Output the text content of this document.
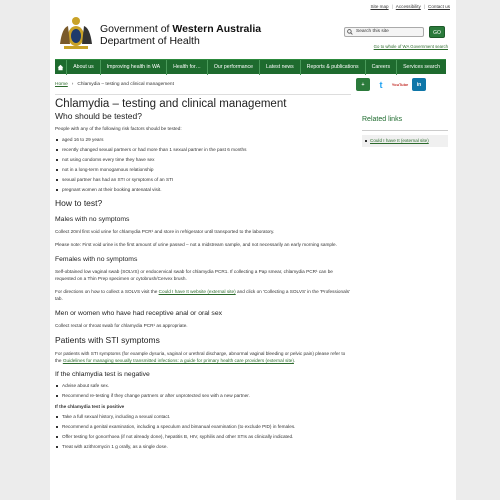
Site map | Accessibility | Contact us
Government of Western Australia
Department of Health
Search this site	GO
Go to whole of WA Government search
About us	Improving health in WA	Health for…	Our performance	Latest news	Reports & publications	Careers	Services search
Home › Chlamydia – testing and clinical management	+	t	YouTube	in
Chlamydia – testing and clinical management
Who should be tested?

People with any of the following risk factors should be tested:

aged 16 to 29 years
recently changed sexual partners or had more than 1 sexual partner in the past 6 months
not using condoms every time they have sex
not in a long-term monogamous relationship
sexual partner has had an STI or symptoms of an STI
pregnant women at their booking antenatal visit.
How to test?
Males with no symptoms

Collect 20ml first void urine for chlamydia PCR¹ and store in refrigerator until transported to the laboratory.

Please note: First void urine is the first amount of urine passed – not a midstream sample, and not necessarily an early morning sample.

Females with no symptoms

Self-obtained low vaginal swab (SOLVS) or endocervical swab for chlamydia PCR1. If collecting a Pap smear, chlamydia PCR¹ can be requested on a Thin Prep specimen or cytobrush/Cervex brush.

For directions on how to collect a SOLVS visit the Could I have It website (external site) and click on 'Collecting a SOLVS' in the 'Professionals' tab.

Men or women who have had receptive anal or oral sex

Collect rectal or throat swab for chlamydia PCR¹ as appropriate.

Patients with STI symptoms

For patients with STI symptoms (for example dysuria, vaginal or urethral discharge, abnormal vaginal bleeding or pelvic pain) please refer to the Guidelines for managing sexually transmitted infections: a guide for primary health care providers (external site).

If the chlamydia test is negative
Advise about safe sex.
Recommend re-testing if they change partners or after unprotected sex with a new partner.

If the chlamydia test is positive

Take a full sexual history, including a sexual contact.
Recommend a genital examination, including a speculum and bimanual examination (to exclude PID) in females.
Offer testing for gonorrhoea (if not already done), hepatitis B, HIV, syphilis and other STIs as clinically indicated.
Treat with azithromycin 1 g orally, as a single dose.
Related links
Could I have It (external site)
